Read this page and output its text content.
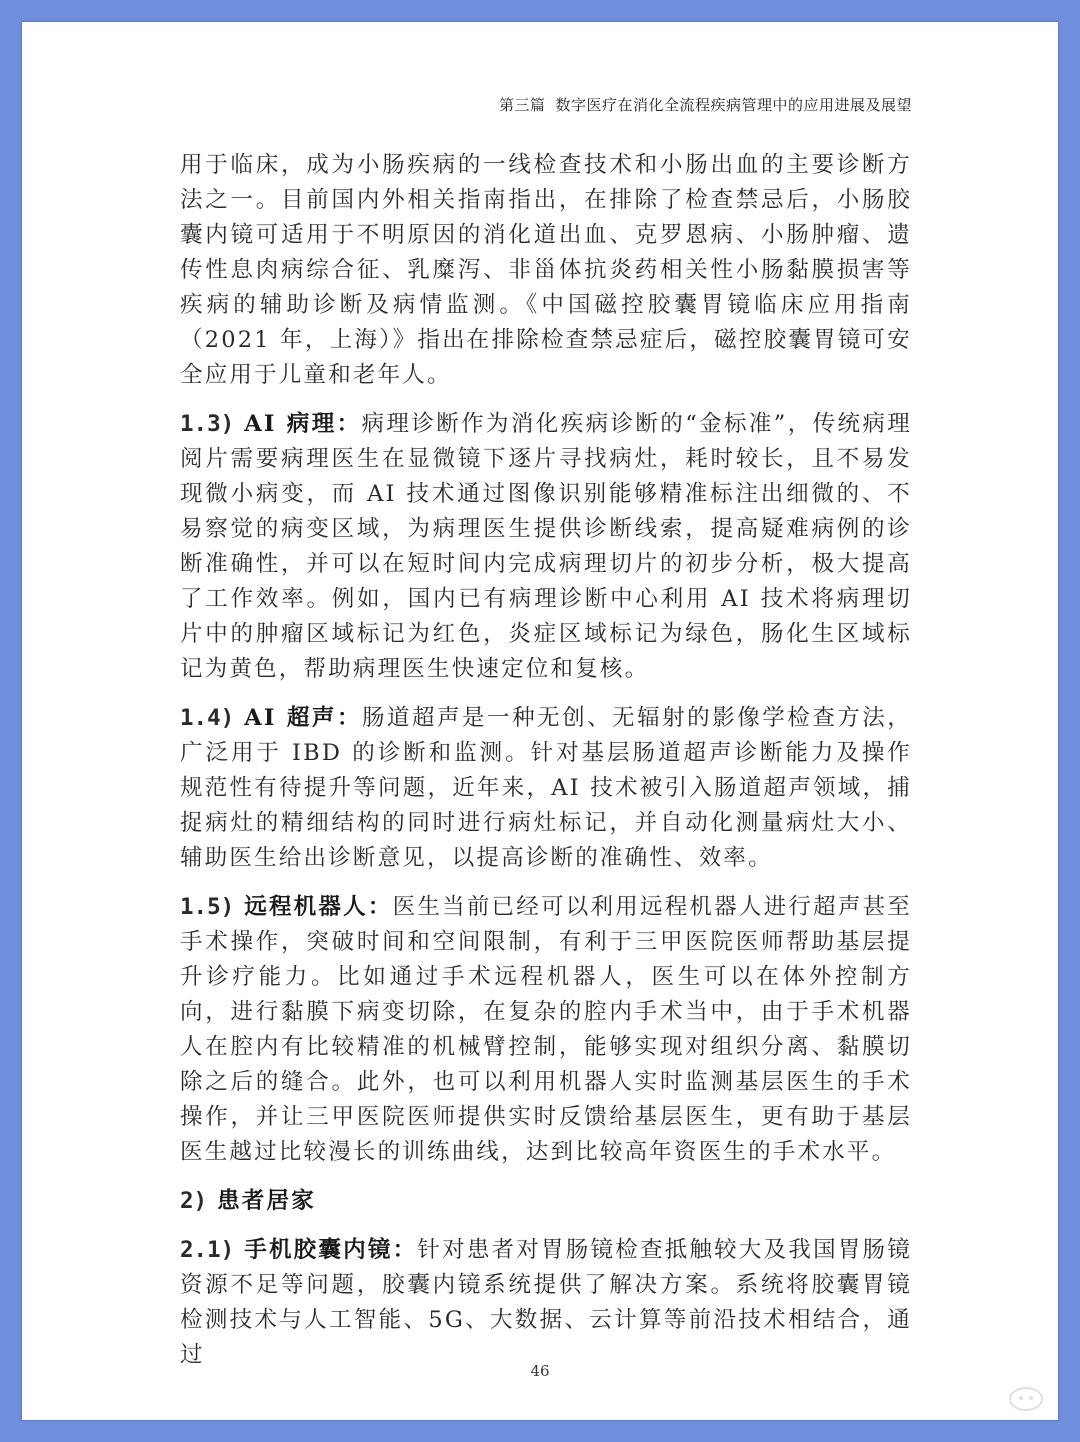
第三篇 数字医疗在消化全流程疾病管理中的应用进展及展望

用于临床，成为小肠疾病的一线检查技术和小肠出血的主要诊断方法之一。目前国内外相关指南指出，在排除了检查禁忌后，小肠胶囊内镜可适用于不明原因的消化道出血、克罗恩病、小肠肿瘤、遗传性息肉病综合征、乳糜泻、非甾体抗炎药相关性小肠黏膜损害等疾病的辅助诊断及病情监测。《中国磁控胶囊胃镜临床应用指南（2021 年，上海）》指出在排除检查禁忌症后，磁控胶囊胃镜可安全应用于儿童和老年人。

1.3) AI 病理：病理诊断作为消化疾病诊断的“金标准”，传统病理阅片需要病理医生在显微镜下逐片寻找病灶，耗时较长，且不易发现微小病变，而 AI 技术通过图像识别能够精准标注出细微的、不易察觉的病变区域，为病理医生提供诊断线索，提高疑难病例的诊断准确性，并可以在短时间内完成病理切片的初步分析，极大提高了工作效率。例如，国内已有病理诊断中心利用 AI 技术将病理切片中的肿瘤区域标记为红色，炎症区域标记为绿色，肠化生区域标记为黄色，帮助病理医生快速定位和复核。

1.4) AI 超声：肠道超声是一种无创、无辐射的影像学检查方法，广泛用于 IBD 的诊断和监测。针对基层肠道超声诊断能力及操作规范性有待提升等问题，近年来，AI 技术被引入肠道超声领域，捕捉病灶的精细结构的同时进行病灶标记，并自动化测量病灶大小、辅助医生给出诊断意见，以提高诊断的准确性、效率。

1.5) 远程机器人：医生当前已经可以利用远程机器人进行超声甚至手术操作，突破时间和空间限制，有利于三甲医院医师帮助基层提升诊疗能力。比如通过手术远程机器人，医生可以在体外控制方向，进行黏膜下病变切除，在复杂的腔内手术当中，由于手术机器人在腔内有比较精准的机械臂控制，能够实现对组织分离、黏膜切除之后的缝合。此外，也可以利用机器人实时监测基层医生的手术操作，并让三甲医院医师提供实时反馈给基层医生，更有助于基层医生越过比较漫长的训练曲线，达到比较高年资医生的手术水平。

2) 患者居家

2.1) 手机胶囊内镜：针对患者对胃肠镜检查抵触较大及我国胃肠镜资源不足等问题，胶囊内镜系统提供了解决方案。系统将胶囊胃镜检测技术与人工智能、5G、大数据、云计算等前沿技术相结合，通过

46
